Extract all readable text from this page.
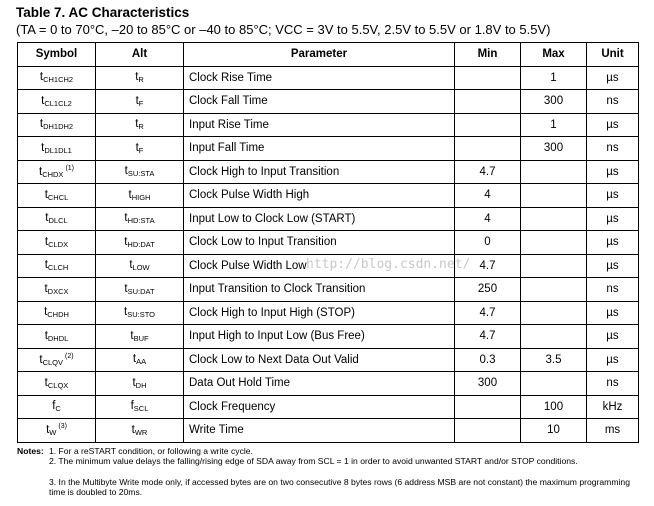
Table 7. AC Characteristics
(TA = 0 to 70°C, –20 to 85°C or –40 to 85°C; VCC = 3V to 5.5V, 2.5V to 5.5V or 1.8V to 5.5V)
Symbol	Alt	Parameter	Min	Max	Unit
$t_{CH1CH2}$	$t_R$	Clock Rise Time		1	µs
$t_{CL1CL2}$	$t_F$	Clock Fall Time		300	ns
$t_{DH1DH2}$	$t_R$	Input Rise Time		1	µs
$t_{DL1DL1}$	$t_F$	Input Fall Time		300	ns
$t_{CHDX}^{(1)}$	$t_{SU:STA}$	Clock High to Input Transition	4.7		µs
$t_{CHCL}$	$t_{HIGH}$	Clock Pulse Width High	4		µs
$t_{DLCL}$	$t_{HD:STA}$	Input Low to Clock Low (START)	4		µs
$t_{CLDX}$	$t_{HD:DAT}$	Clock Low to Input Transition	0		µs
$t_{CLCH}$	$t_{LOW}$	Clock Pulse Width Low	4.7		µs
$t_{DXCX}$	$t_{SU:DAT}$	Input Transition to Clock Transition	250		ns
$t_{CHDH}$	$t_{SU:STO}$	Clock High to Input High (STOP)	4.7		µs
$t_{DHDL}$	$t_{BUF}$	Input High to Input Low (Bus Free)	4.7		µs
$t_{CLQV}^{(2)}$	$t_{AA}$	Clock Low to Next Data Out Valid	0.3	3.5	µs
$t_{CLQX}$	$t_{DH}$	Data Out Hold Time	300		ns
$f_C$	$f_{SCL}$	Clock Frequency		100	kHz
$t_W^{(3)}$	$t_{WR}$	Write Time		10	ms
http://blog.csdn.net/
Notes: 1. For a reSTART condition, or following a write cycle.
2. The minimum value delays the falling/rising edge of SDA away from SCL = 1 in order to avoid unwanted START and/or STOP conditions.
3. In the Multibyte Write mode only, if accessed bytes are on two consecutive 8 bytes rows (6 address MSB are not constant) the maximum programming time is doubled to 20ms.
